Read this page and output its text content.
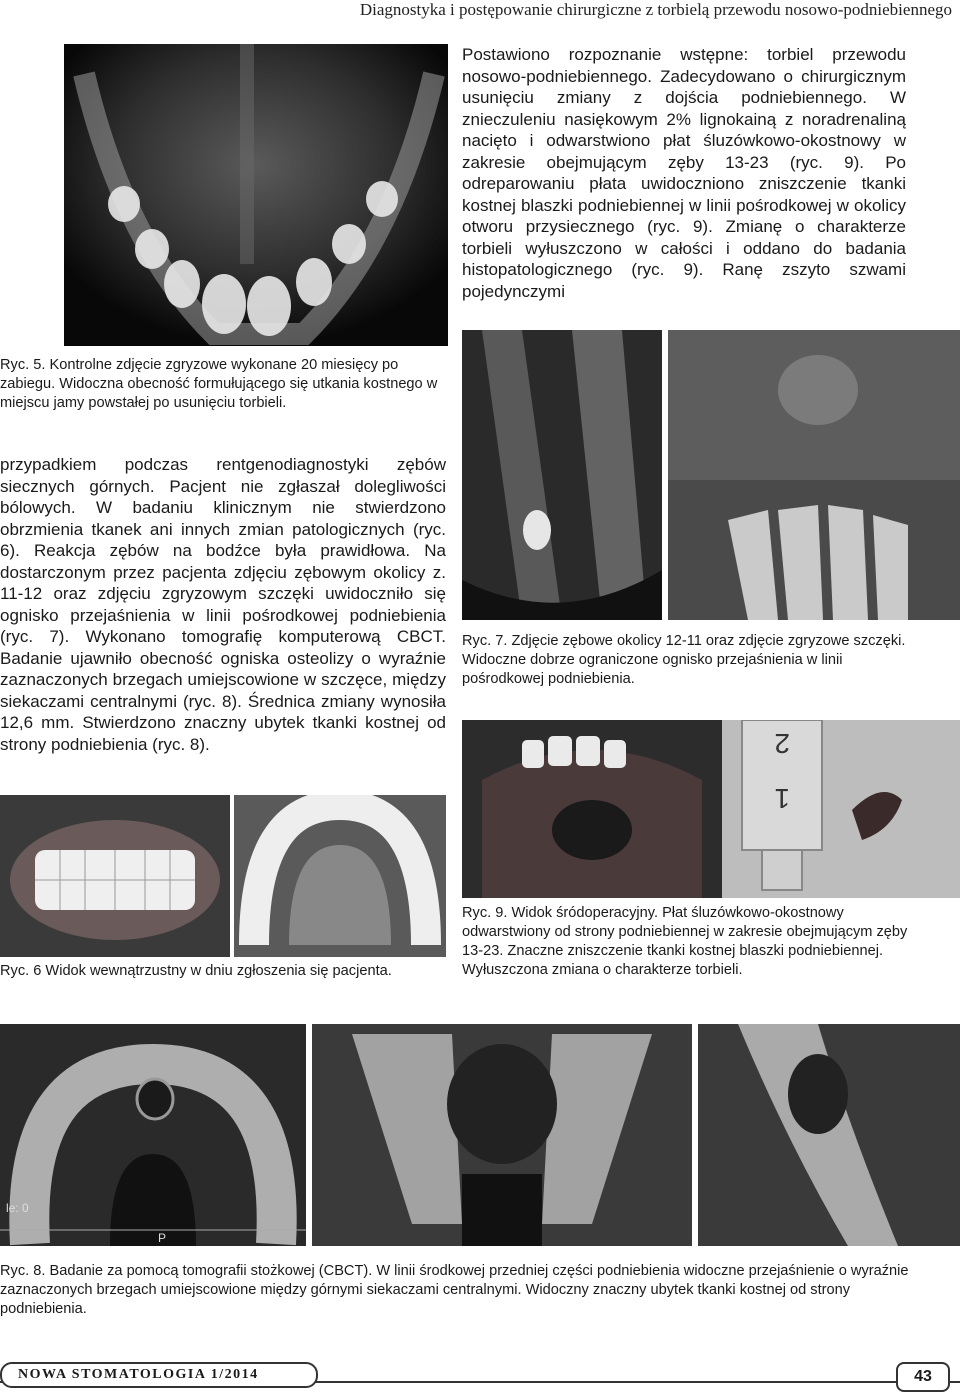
Diagnostyka i postępowanie chirurgiczne z torbielą przewodu nosowo-podniebiennego
Postawiono rozpoznanie wstępne: torbiel przewodu nosowo-podniebiennego. Zadecydowano o chirurgicznym usunięciu zmiany z dojścia podniebiennego. W znieczuleniu nasiękowym 2% lignokainą z noradrenaliną nacięto i odwarstwiono płat śluzówkowo-okostnowy w zakresie obejmującym zęby 13-23 (ryc. 9). Po odreparowaniu płata uwidoczniono zniszczenie tkanki kostnej blaszki podniebiennej w linii pośrodkowej w okolicy otworu przysiecznego (ryc. 9). Zmianę o charakterze torbieli wyłuszczono w całości i oddano do badania histopatologicznego (ryc. 9). Ranę zszyto szwami pojedynczymi
Ryc. 5. Kontrolne zdjęcie zgryzowe wykonane 20 miesięcy po zabiegu. Widoczna obecność formułującego się utkania kostnego w miejscu jamy powstałej po usunięciu torbieli.
przypadkiem podczas rentgenodiagnostyki zębów siecznych górnych. Pacjent nie zgłaszał dolegliwości bólowych. W badaniu klinicznym nie stwierdzono obrzmienia tkanek ani innych zmian patologicznych (ryc. 6). Reakcja zębów na bodźce była prawidłowa. Na dostarczonym przez pacjenta zdjęciu zębowym okolicy z. 11-12 oraz zdjęciu zgryzowym szczęki uwidoczniło się ognisko przejaśnienia w linii pośrodkowej podniebienia (ryc. 7). Wykonano tomografię komputerową CBCT. Badanie ujawniło obecność ogniska osteolizy o wyraźnie zaznaczonych brzegach umiejscowione w szczęce, między siekaczami centralnymi (ryc. 8). Średnica zmiany wynosiła 12,6 mm. Stwierdzono znaczny ubytek tkanki kostnej od strony podniebienia (ryc. 8).
Ryc. 7. Zdjęcie zębowe okolicy 12-11 oraz zdjęcie zgryzowe szczęki. Widoczne dobrze ograniczone ognisko przejaśnienia w linii pośrodkowej podniebienia.
2
1
Ryc. 9. Widok śródoperacyjny. Płat śluzówkowo-okostnowy odwarstwiony od strony podniebiennej w zakresie obejmującym zęby 13-23. Znaczne zniszczenie tkanki kostnej blaszki podniebiennej. Wyłuszczona zmiana o charakterze torbieli.
Ryc. 6 Widok wewnątrzustny w dniu zgłoszenia się pacjenta.
le: 0
P
Ryc. 8. Badanie za pomocą tomografii stożkowej (CBCT). W linii środkowej przedniej części podniebienia widoczne przejaśnienie o wyraźnie zaznaczonych brzegach umiejscowione między górnymi siekaczami centralnymi. Widoczny znaczny ubytek tkanki kostnej od strony podniebienia.
NOWA STOMATOLOGIA 1/2014	43
